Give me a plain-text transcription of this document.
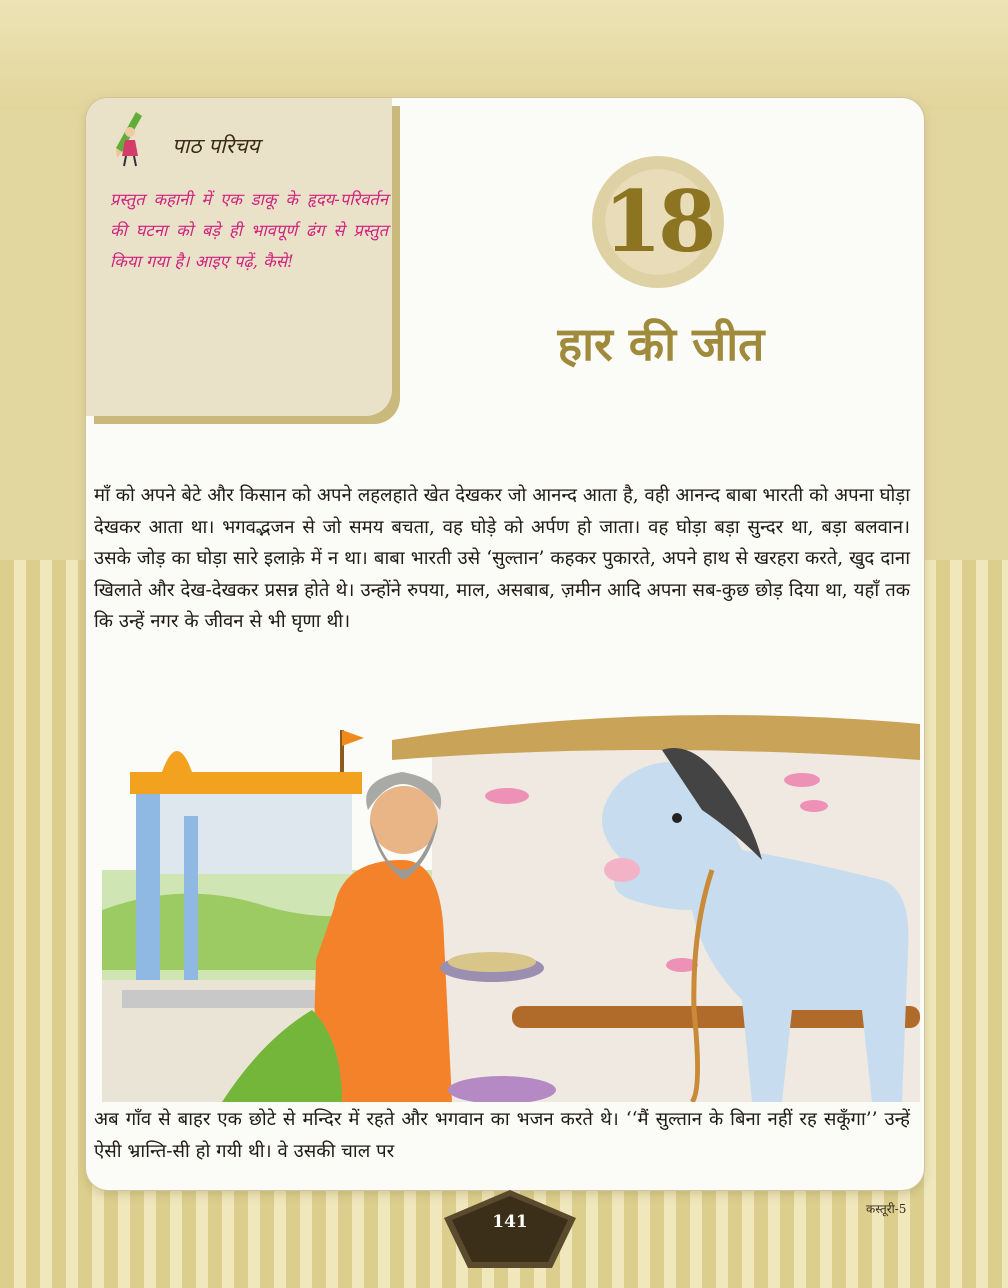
पाठ परिचय
प्रस्तुत कहानी में एक डाकू के हृदय-परिवर्तन की घटना को बड़े ही भावपूर्ण ढंग से प्रस्तुत किया गया है। आइए पढ़ें, कैसे!	18
हार की जीत
माँ को अपने बेटे और किसान को अपने लहलहाते खेत देखकर जो आनन्द आता है, वही आनन्द बाबा भारती को अपना घोड़ा देखकर आता था। भगवद्भजन से जो समय बचता, वह घोड़े को अर्पण हो जाता। वह घोड़ा बड़ा सुन्दर था, बड़ा बलवान। उसके जोड़ का घोड़ा सारे इलाक़े में न था। बाबा भारती उसे ‘सुल्तान’ कहकर पुकारते, अपने हाथ से खरहरा करते, खुद दाना खिलाते और देख-देखकर प्रसन्न होते थे। उन्होंने रुपया, माल, असबाब, ज़मीन आदि अपना सब-कुछ छोड़ दिया था, यहाँ तक कि उन्हें नगर के जीवन से भी घृणा थी।
अब गाँव से बाहर एक छोटे से मन्दिर में रहते और भगवान का भजन करते थे। ‘‘मैं सुल्तान के बिना नहीं रह सकूँगा’’ उन्हें ऐसी भ्रान्ति-सी हो गयी थी। वे उसकी चाल पर
141
कस्तूरी-5
